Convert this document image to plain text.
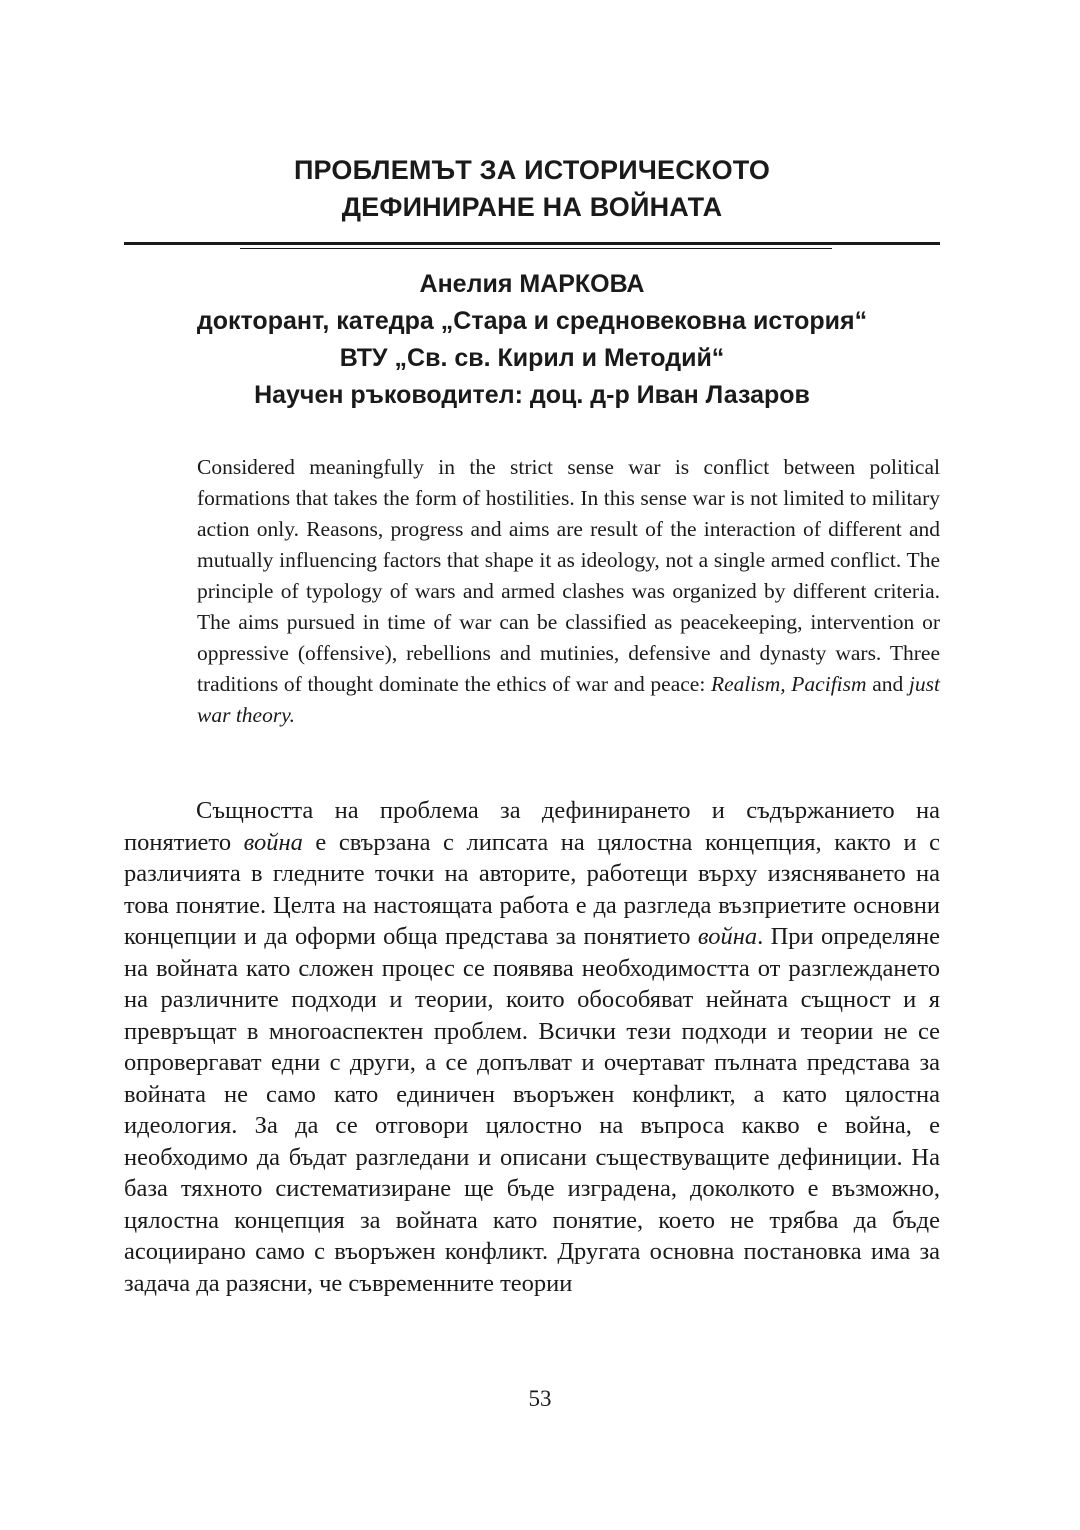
ПРОБЛЕМЪТ ЗА ИСТОРИЧЕСКОТО
ДЕФИНИРАНЕ НА ВОЙНАТА
Анелия МАРКОВА
докторант, катедра „Стара и средновековна история“
ВТУ „Св. св. Кирил и Методий“
Научен ръководител: доц. д-р Иван Лазаров
Considered meaningfully in the strict sense war is conflict between political formations that takes the form of hostilities. In this sense war is not limited to military action only. Reasons, progress and aims are result of the interaction of different and mutually influencing factors that shape it as ideology, not a single armed conflict. The principle of typology of wars and armed clashes was organized by different criteria. The aims pursued in time of war can be classified as peacekeeping, intervention or oppressive (offensive), rebellions and mutinies, defensive and dynasty wars. Three traditions of thought dominate the ethics of war and peace: Realism, Pacifism and just war theory.

Същността на проблема за дефинирането и съдържанието на понятието война е свързана с липсата на цялостна концепция, както и с различията в гледните точки на авторите, работещи върху изясняването на това понятие. Целта на настоящата работа е да разгледа възприетите основни концепции и да оформи обща представа за понятието война. При определяне на войната като сложен процес се появява необходимостта от разглеждането на различните подходи и теории, които обособяват нейната същност и я превръщат в многоаспектен проблем. Всички тези подходи и теории не се опровергават едни с други, а се допълват и очертават пълната представа за войната не само като единичен въоръжен конфликт, а като цялостна идеология. За да се отговори цялостно на въпроса какво е война, е необходимо да бъдат разгледани и описани съществуващите дефиниции. На база тяхното систематизиране ще бъде изградена, доколкото е възможно, цялостна концепция за войната като понятие, което не трябва да бъде асоциирано само с въоръжен конфликт. Другата основна постановка има за задача да разясни, че съвременните теории

53
